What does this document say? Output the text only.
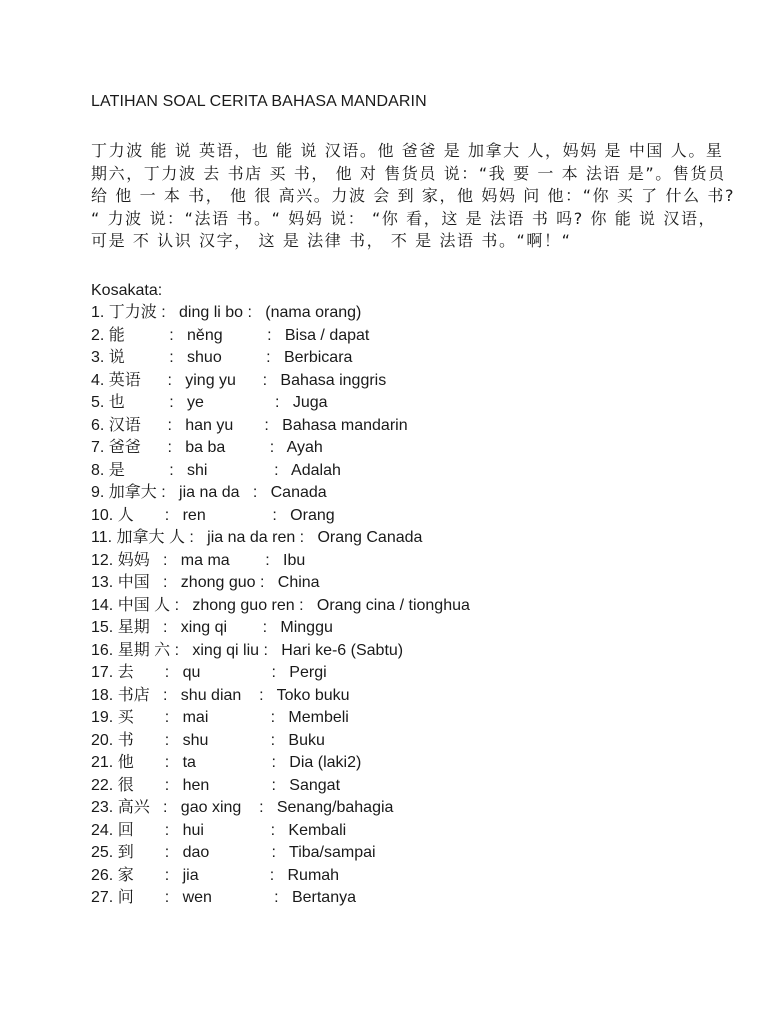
LATIHAN SOAL CERITA BAHASA MANDARIN
丁力波 能 说 英语，也 能 说 汉语。他 爸爸 是 加拿大 人，妈妈 是 中国 人。星
期六，丁力波 去 书店 买 书， 他 对 售货员 说：“我 要 一 本 法语 是”。售货员
给 他 一 本 书， 他 很 高兴。力波 会 到 家，他 妈妈 问 他：“你 买 了 什么 书?
“ 力波 说：“法语 书。“ 妈妈 说： “你 看，这 是 法语 书 吗? 你 能 说 汉语，
可是 不 认识 汉字， 这 是 法律 书， 不 是 法语 书。“啊！“
Kosakata:
1. 丁力波 :   ding li bo :   (nama orang)
2. 能          :   něng          :   Bisa / dapat
3. 说          :   shuo          :   Berbicara
4. 英语      :   ying yu      :   Bahasa inggris
5. 也          :   ye                :   Juga
6. 汉语      :   han yu       :   Bahasa mandarin
7. 爸爸      :   ba ba          :   Ayah
8. 是          :   shi               :   Adalah
9. 加拿大 :   jia na da   :   Canada
10. 人       :   ren               :   Orang
11. 加拿大 人 :   jia na da ren :   Orang Canada
12. 妈妈   :   ma ma        :   Ibu
13. 中国   :   zhong guo :   China
14. 中国 人 :   zhong guo ren :   Orang cina / tionghua
15. 星期   :   xing qi        :   Minggu
16. 星期 六 :   xing qi liu :   Hari ke-6 (Sabtu)
17. 去       :   qu                :   Pergi
18. 书店   :   shu dian    :   Toko buku
19. 买       :   mai              :   Membeli
20. 书       :   shu              :   Buku
21. 他       :   ta                 :   Dia (laki2)
22. 很       :   hen              :   Sangat
23. 高兴   :   gao xing    :   Senang/bahagia
24. 回       :   hui               :   Kembali
25. 到       :   dao              :   Tiba/sampai
26. 家       :   jia                :   Rumah
27. 问       :   wen              :   Bertanya
